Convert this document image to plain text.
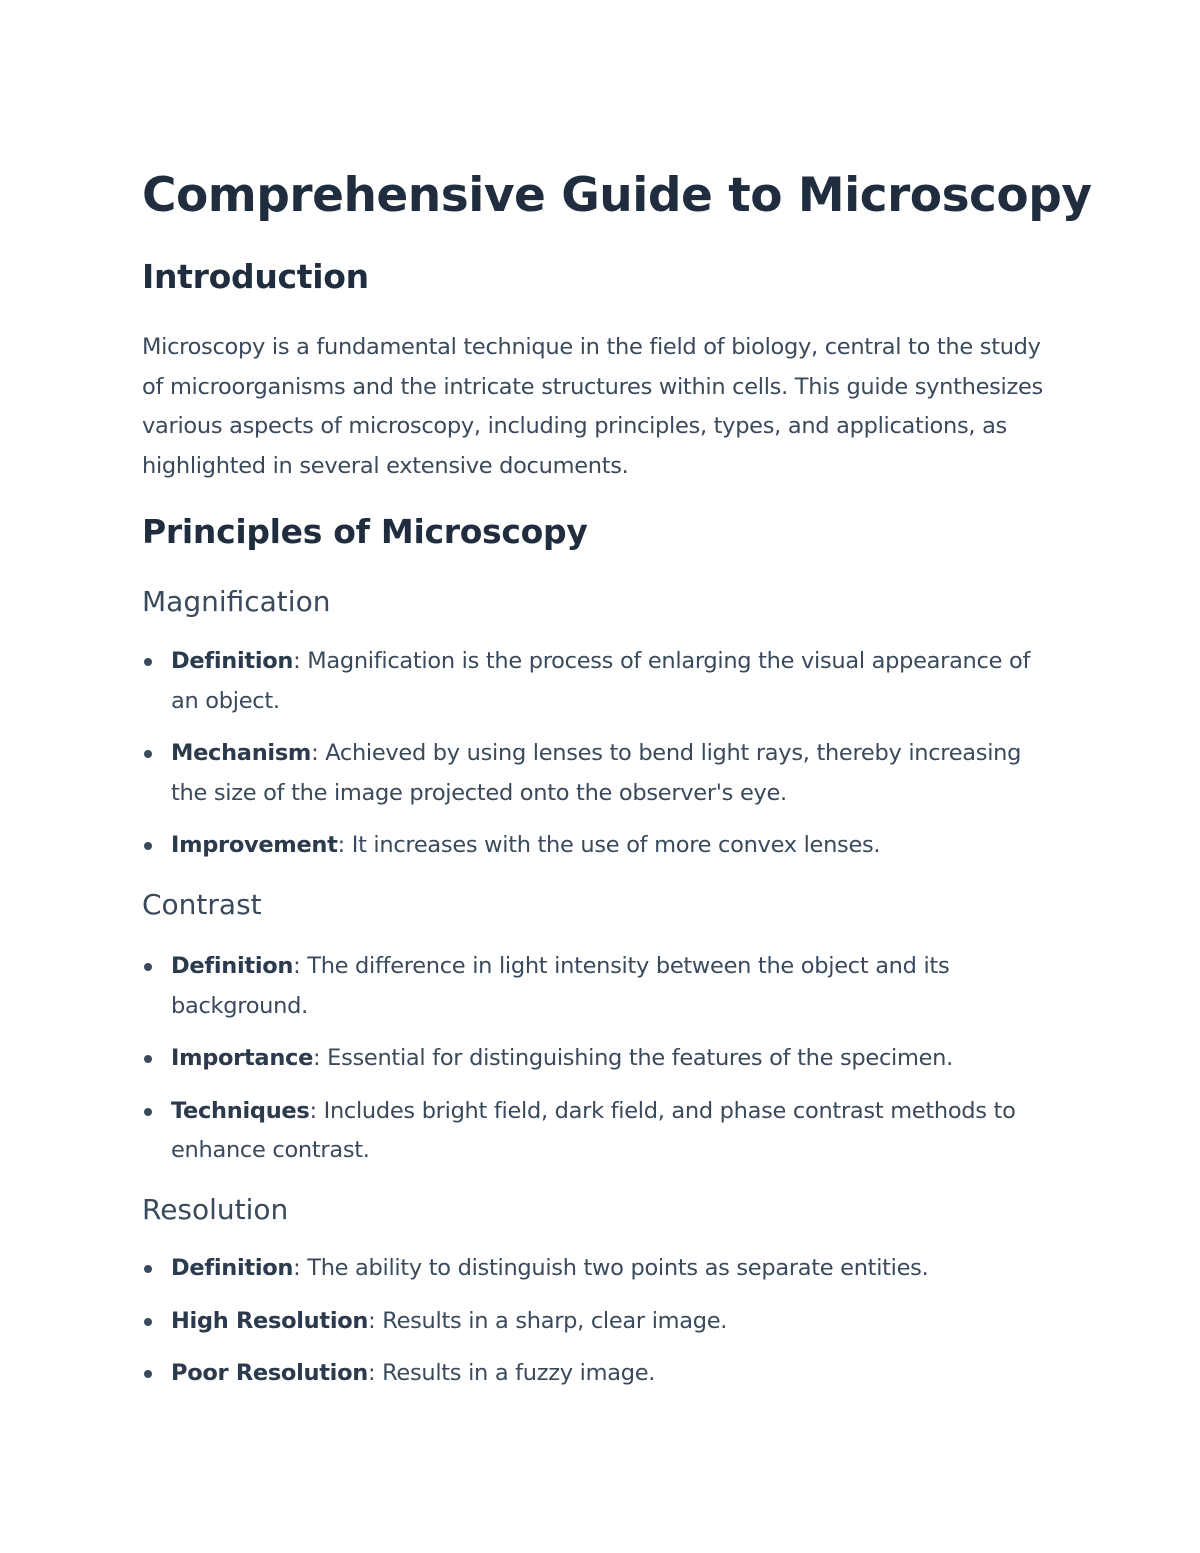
Comprehensive Guide to Microscopy
Introduction

Microscopy is a fundamental technique in the field of biology, central to the study of microorganisms and the intricate structures within cells. This guide synthesizes various aspects of microscopy, including principles, types, and applications, as highlighted in several extensive documents.

Principles of Microscopy
Magnification
Definition: Magnification is the process of enlarging the visual appearance of an object.
Mechanism: Achieved by using lenses to bend light rays, thereby increasing the size of the image projected onto the observer's eye.
Improvement: It increases with the use of more convex lenses.
Contrast
Definition: The difference in light intensity between the object and its background.
Importance: Essential for distinguishing the features of the specimen.
Techniques: Includes bright field, dark field, and phase contrast methods to enhance contrast.
Resolution
Definition: The ability to distinguish two points as separate entities.
High Resolution: Results in a sharp, clear image.
Poor Resolution: Results in a fuzzy image.
